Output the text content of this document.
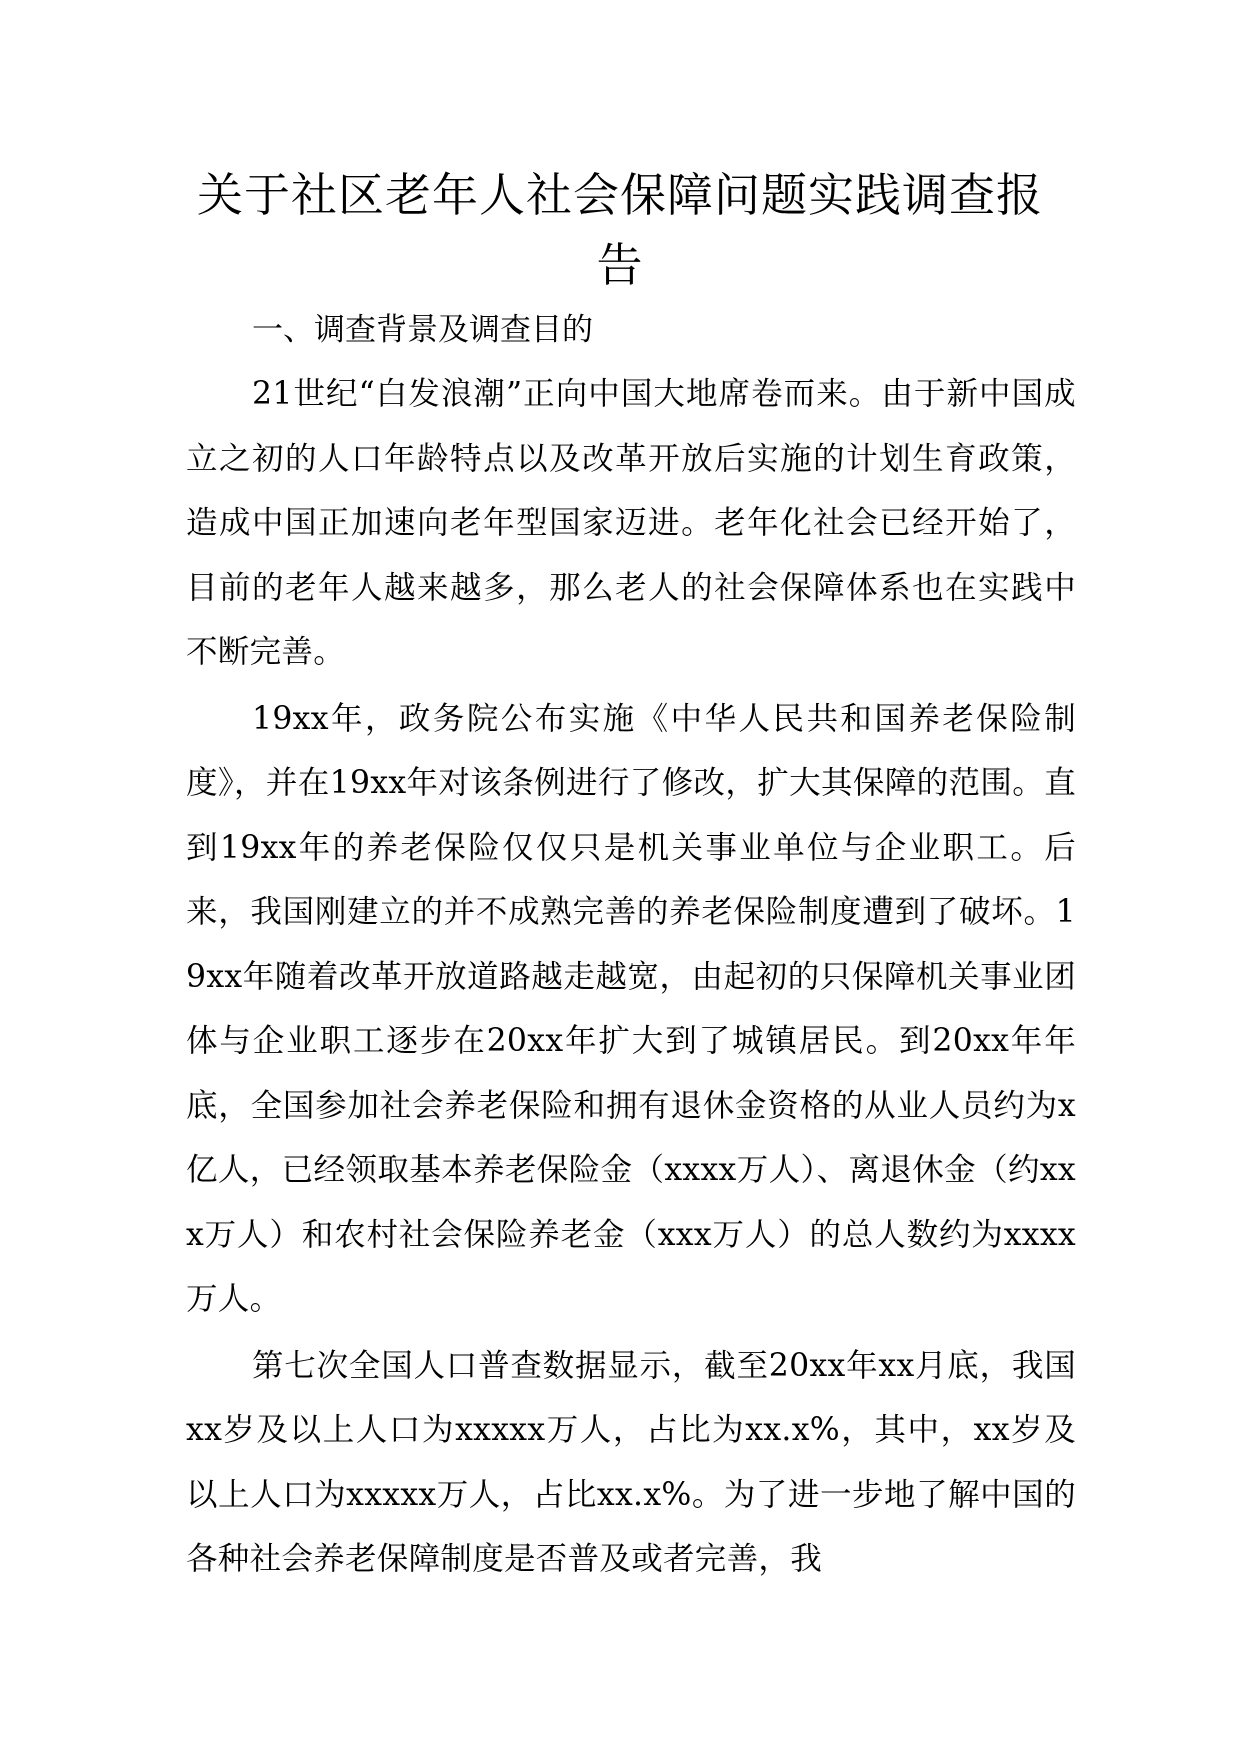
关于社区老年人社会保障问题实践调查报告
一、调查背景及调查目的

21世纪“白发浪潮”正向中国大地席卷而来。由于新中国成立之初的人口年龄特点以及改革开放后实施的计划生育政策，造成中国正加速向老年型国家迈进。老年化社会已经开始了，目前的老年人越来越多，那么老人的社会保障体系也在实践中不断完善。

19xx年，政务院公布实施《中华人民共和国养老保险制度》，并在19xx年对该条例进行了修改，扩大其保障的范围。直到19xx年的养老保险仅仅只是机关事业单位与企业职工。后来，我国刚建立的并不成熟完善的养老保险制度遭到了破坏。19xx年随着改革开放道路越走越宽，由起初的只保障机关事业团体与企业职工逐步在20xx年扩大到了城镇居民。到20xx年年底，全国参加社会养老保险和拥有退休金资格的从业人员约为x亿人，已经领取基本养老保险金（xxxx万人）、离退休金（约xxx万人）和农村社会保险养老金（xxx万人）的总人数约为xxxx万人。

第七次全国人口普查数据显示，截至20xx年xx月底，我国xx岁及以上人口为xxxxx万人，占比为xx.x%，其中，xx岁及以上人口为xxxxx万人，占比xx.x%。为了进一步地了解中国的各种社会养老保障制度是否普及或者完善，我
